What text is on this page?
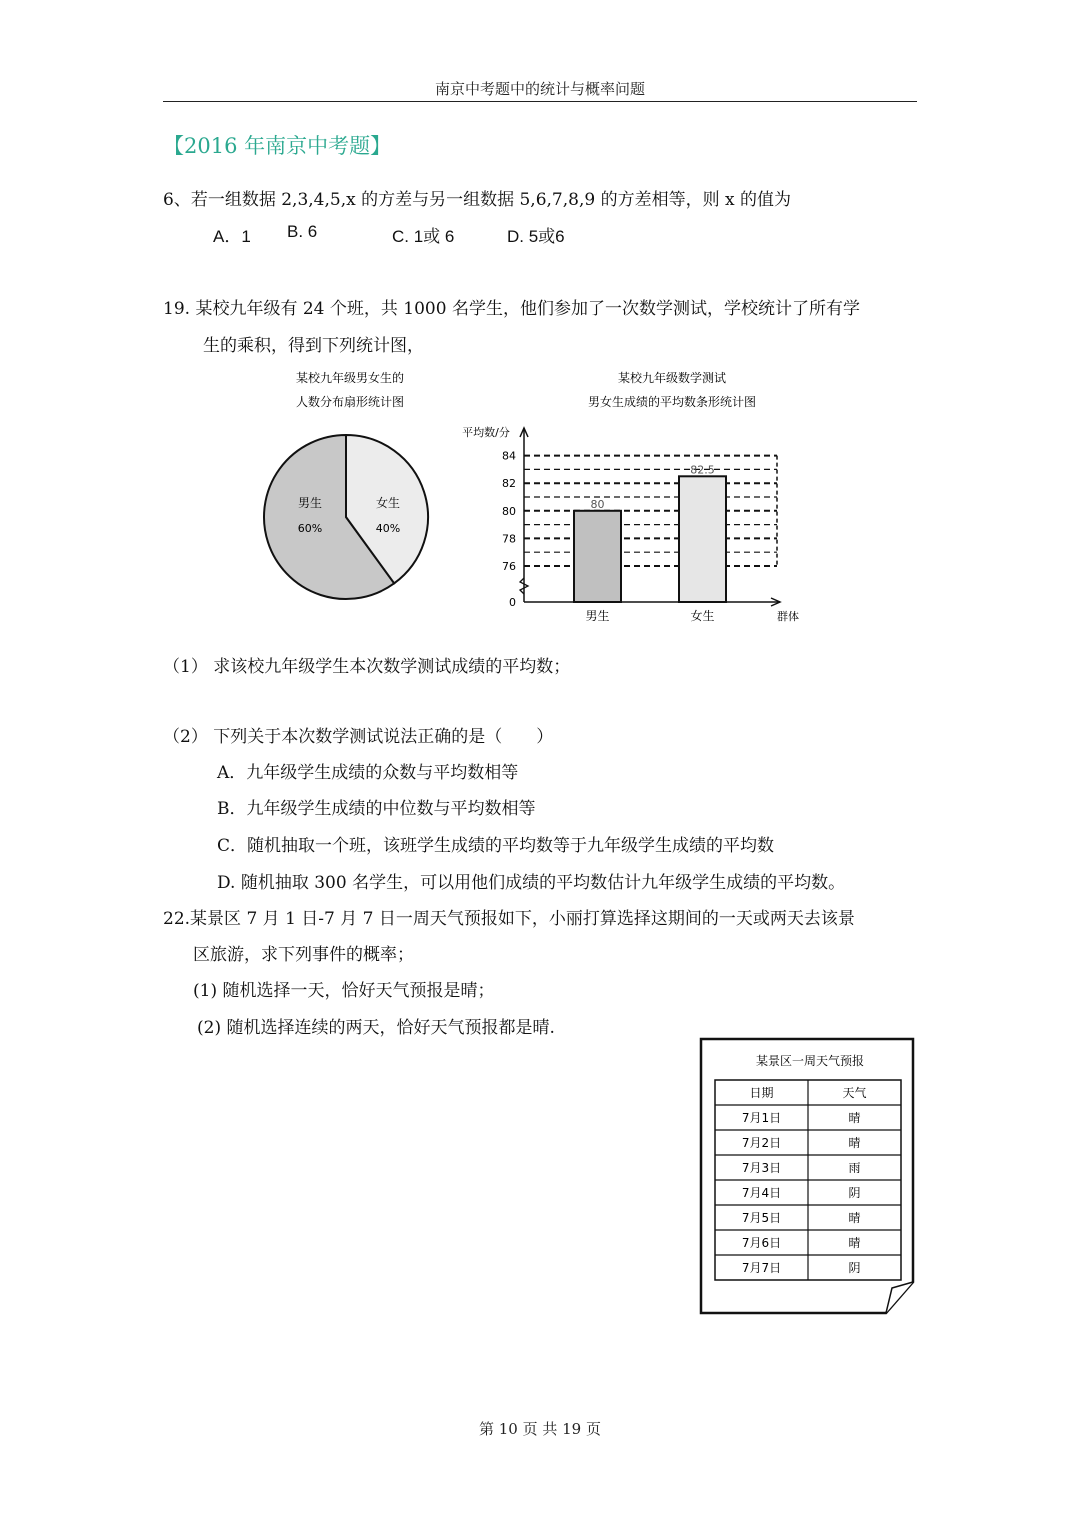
南京中考题中的统计与概率问题
【2016 年南京中考题】
6、若一组数据 2,3,4,5,x 的方差与另一组数据 5,6,7,8,9 的方差相等，则 x 的值为
A．1 B. 6	C. 1或 6	D. 5或6
19. 某校九年级有 24 个班，共 1000 名学生，他们参加了一次数学测试，学校统计了所有学
生的乘积，得到下列统计图，
某校九年级男女生的
人数分布扇形统计图
男生
60%
女生
40%
某校九年级数学测试
男女生成绩的平均数条形统计图
平均数/分
群体
76
78
80
82
84
0
80
男生
82.5
女生
（1） 求该校九年级学生本次数学测试成绩的平均数；
（2） 下列关于本次数学测试说法正确的是（　　）
A．九年级学生成绩的众数与平均数相等
B．九年级学生成绩的中位数与平均数相等
C．随机抽取一个班，该班学生成绩的平均数等于九年级学生成绩的平均数
D. 随机抽取 300 名学生，可以用他们成绩的平均数估计九年级学生成绩的平均数。
22.某景区 7 月 1 日-7 月 7 日一周天气预报如下，小丽打算选择这期间的一天或两天去该景
区旅游，求下列事件的概率；
(1) 随机选择一天，恰好天气预报是晴；
(2) 随机选择连续的两天，恰好天气预报都是晴.
某景区一周天气预报
日期	天气
7月1日	晴
7月2日	晴
7月3日	雨
7月4日	阴
7月5日	晴
7月6日	晴
7月7日	阴
第 10 页 共 19 页
